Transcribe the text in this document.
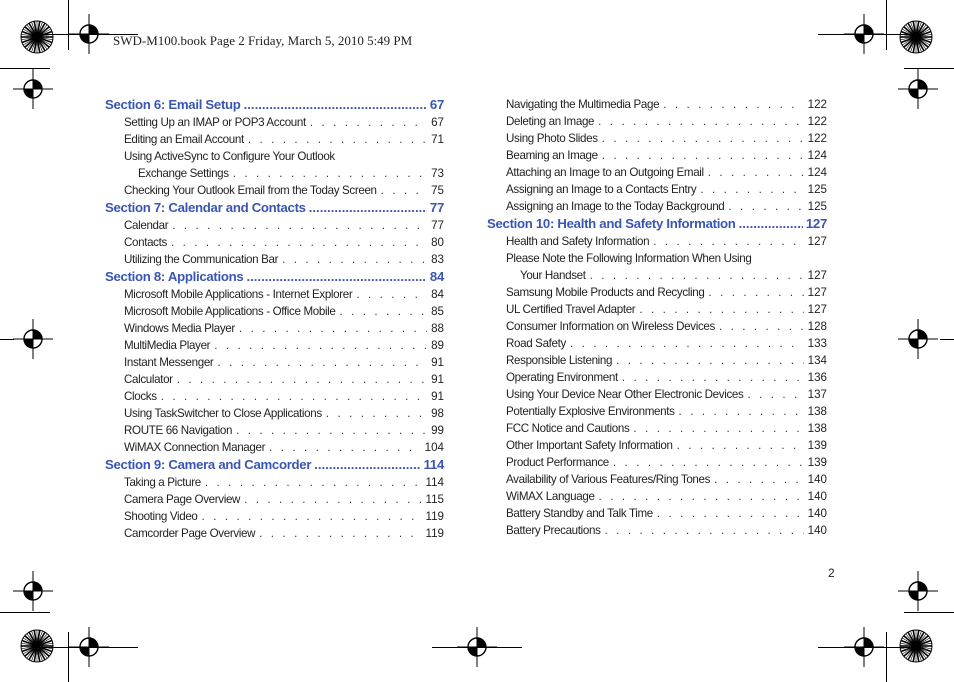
SWD-M100.book Page 2 Friday, March 5, 2010 5:49 PM
Section 6: Email Setup .....	67
Setting Up an IMAP or POP3 Account . . .	67
Editing an Email Account . . .	71
Using ActiveSync to Configure Your Outlook
Exchange Settings . . .	73
Checking Your Outlook Email from the Today Screen . . .	75
Section 7: Calendar and Contacts .....	77
Calendar . . .	77
Contacts . . .	80
Utilizing the Communication Bar . . .	83
Section 8: Applications .....	84
Microsoft Mobile Applications - Internet Explorer . . .	84
Microsoft Mobile Applications - Office Mobile . . .	85
Windows Media Player . . .	88
MultiMedia Player . . .	89
Instant Messenger . . .	91
Calculator . . .	91
Clocks . . .	91
Using TaskSwitcher to Close Applications . . .	98
ROUTE 66 Navigation . . .	99
WiMAX Connection Manager . . .	104
Section 9: Camera and Camcorder .....	114
Taking a Picture . . .	114
Camera Page Overview . . .	115
Shooting Video . . .	119
Camcorder Page Overview . . .	119
Navigating the Multimedia Page . . .	122
Deleting an Image . . .	122
Using Photo Slides . . .	122
Beaming an Image . . .	124
Attaching an Image to an Outgoing Email . . .	124
Assigning an Image to a Contacts Entry . . .	125
Assigning an Image to the Today Background . . .	125
Section 10: Health and Safety Information .....	127
Health and Safety Information . . .	127
Please Note the Following Information When Using
Your Handset . . .	127
Samsung Mobile Products and Recycling . . .	127
UL Certified Travel Adapter . . .	127
Consumer Information on Wireless Devices . . .	128
Road Safety . . .	133
Responsible Listening . . .	134
Operating Environment . . .	136
Using Your Device Near Other Electronic Devices . . .	137
Potentially Explosive Environments . . .	138
FCC Notice and Cautions . . .	138
Other Important Safety Information . . .	139
Product Performance . . .	139
Availability of Various Features/Ring Tones . . .	140
WiMAX Language . . .	140
Battery Standby and Talk Time . . .	140
Battery Precautions . . .	140
2
